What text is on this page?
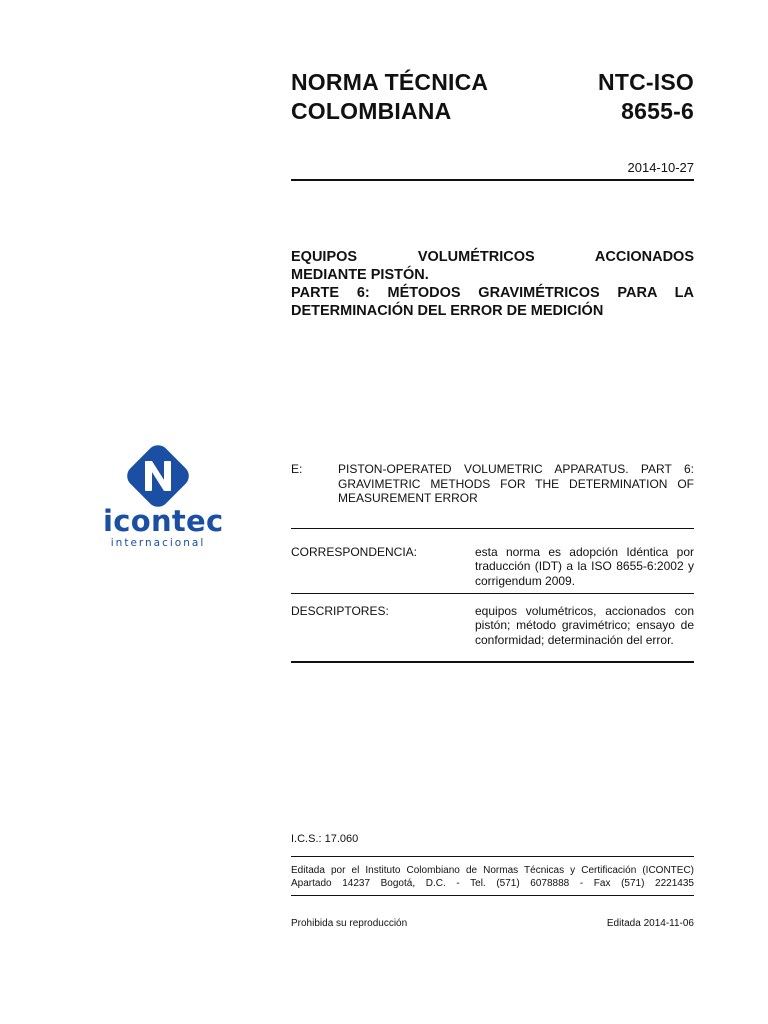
NORMA TÉCNICA
COLOMBIANA
NTC-ISO
8655-6
2014-10-27
EQUIPOS VOLUMÉTRICOS ACCIONADOS
MEDIANTE PISTÓN.
PARTE 6: MÉTODOS GRAVIMÉTRICOS PARA LA
DETERMINACIÓN DEL ERROR DE MEDICIÓN
icontec
internacional
E:	PISTON-OPERATED VOLUMETRIC APPARATUS. PART 6: GRAVIMETRIC METHODS FOR THE DETERMINATION OF MEASUREMENT ERROR
CORRESPONDENCIA:	esta norma es adopción Idéntica por traducción (IDT) a la ISO 8655-6:2002 y corrigendum 2009.
DESCRIPTORES:	equipos volumétricos, accionados con pistón; método gravimétrico; ensayo de conformidad; determinación del error.
I.C.S.: 17.060
Editada por el Instituto Colombiano de Normas Técnicas y Certificación (ICONTEC)
Apartado 14237 Bogotá, D.C. - Tel. (571) 6078888 - Fax (571) 2221435
Prohibida su reproducción	Editada 2014-11-06
